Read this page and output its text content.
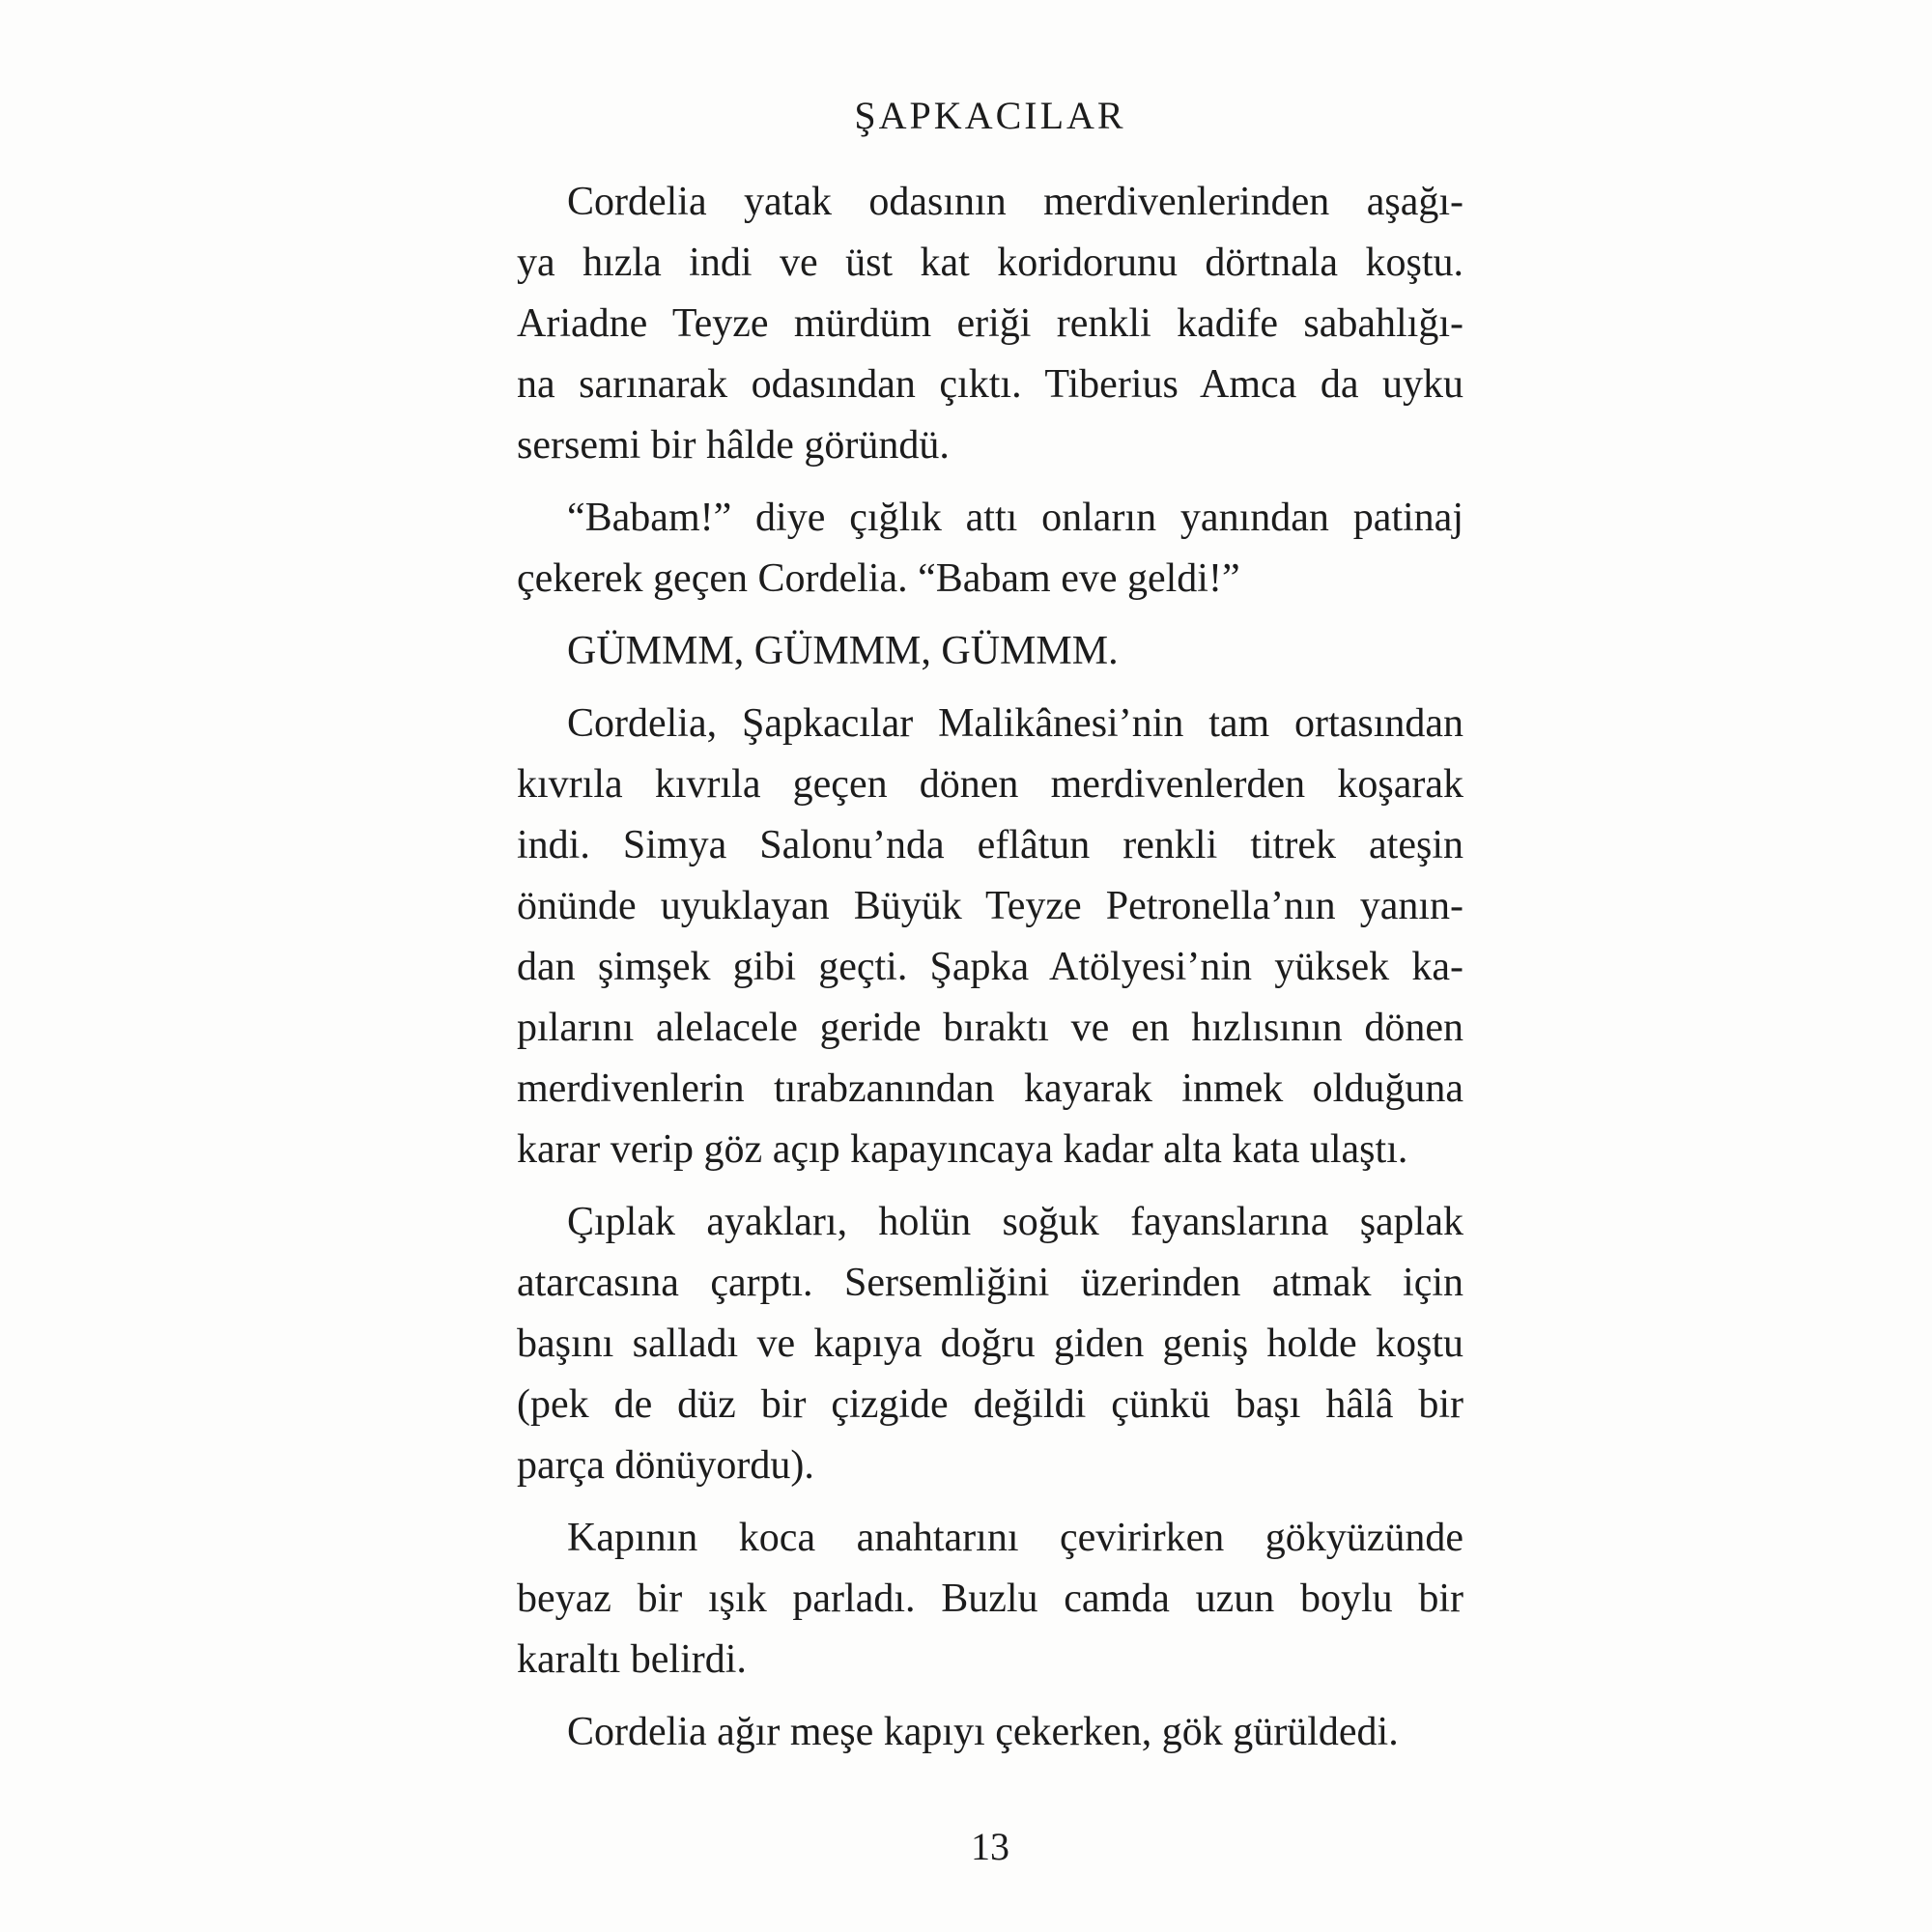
ŞAPKACILAR
Cordelia yatak odasının merdivenlerinden aşağı-
ya hızla indi ve üst kat koridorunu dörtnala koştu.
Ariadne Teyze mürdüm eriği renkli kadife sabahlığı-
na sarınarak odasından çıktı. Tiberius Amca da uyku
sersemi bir hâlde göründü.
“Babam!” diye çığlık attı onların yanından patinaj
çekerek geçen Cordelia. “Babam eve geldi!”
GÜMMM, GÜMMM, GÜMMM.
Cordelia, Şapkacılar Malikânesi’nin tam ortasından
kıvrıla kıvrıla geçen dönen merdivenlerden koşarak
indi. Simya Salonu’nda eflâtun renkli titrek ateşin
önünde uyuklayan Büyük Teyze Petronella’nın yanın-
dan şimşek gibi geçti. Şapka Atölyesi’nin yüksek ka-
pılarını alelacele geride bıraktı ve en hızlısının dönen
merdivenlerin tırabzanından kayarak inmek olduğuna
karar verip göz açıp kapayıncaya kadar alta kata ulaştı.
Çıplak ayakları, holün soğuk fayanslarına şaplak
atarcasına çarptı. Sersemliğini üzerinden atmak için
başını salladı ve kapıya doğru giden geniş holde koştu
(pek de düz bir çizgide değildi çünkü başı hâlâ bir
parça dönüyordu).
Kapının koca anahtarını çevirirken gökyüzünde
beyaz bir ışık parladı. Buzlu camda uzun boylu bir
karaltı belirdi.
Cordelia ağır meşe kapıyı çekerken, gök gürüldedi.
13
